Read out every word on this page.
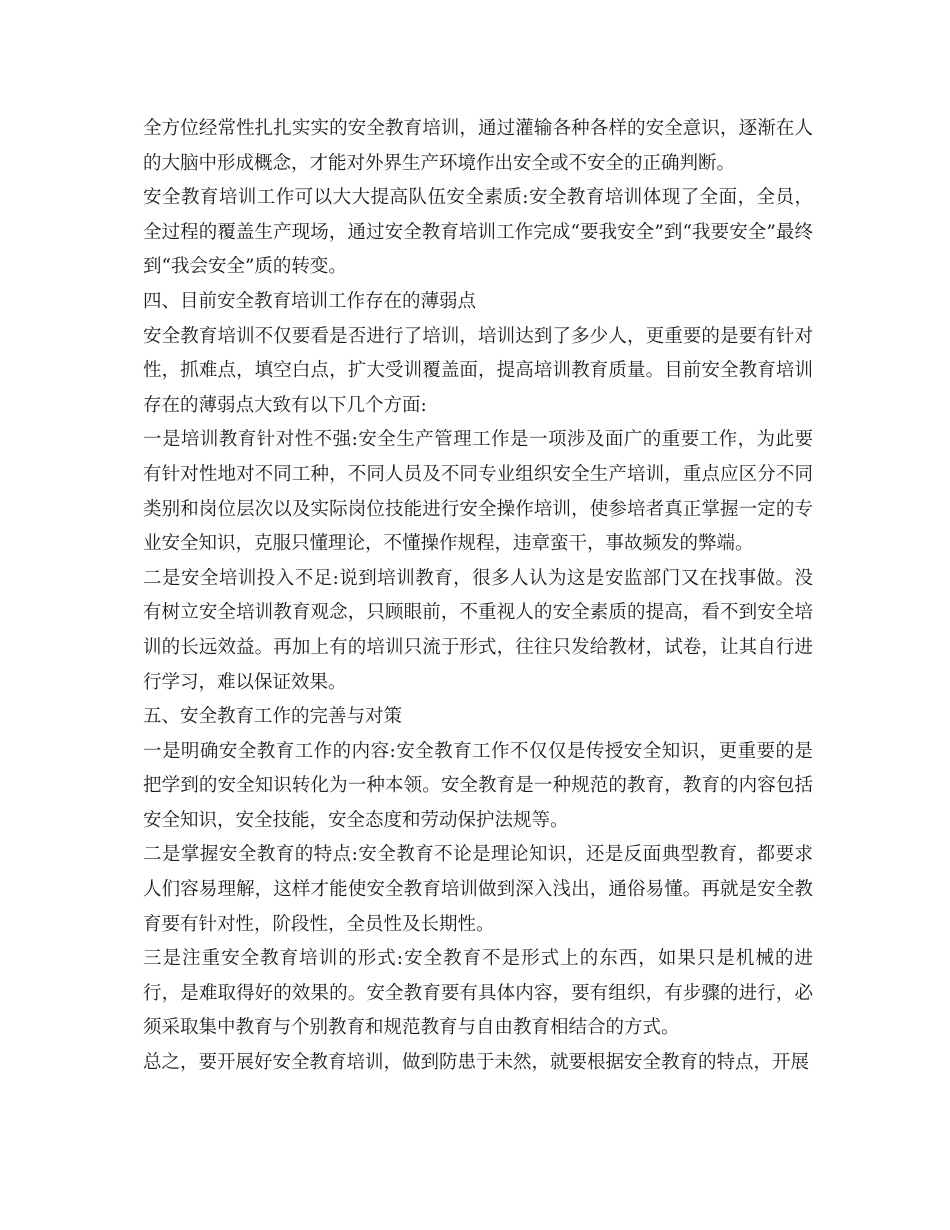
全方位经常性扎扎实实的安全教育培训，通过灌输各种各样的安全意识，逐渐在人的大脑中形成概念，才能对外界生产环境作出安全或不安全的正确判断。

安全教育培训工作可以大大提高队伍安全素质:安全教育培训体现了全面，全员，全过程的覆盖生产现场，通过安全教育培训工作完成“要我安全”到“我要安全”最终到“我会安全”质的转变。

四、目前安全教育培训工作存在的薄弱点

安全教育培训不仅要看是否进行了培训，培训达到了多少人，更重要的是要有针对性，抓难点，填空白点，扩大受训覆盖面，提高培训教育质量。目前安全教育培训存在的薄弱点大致有以下几个方面:

一是培训教育针对性不强:安全生产管理工作是一项涉及面广的重要工作，为此要有针对性地对不同工种，不同人员及不同专业组织安全生产培训，重点应区分不同类别和岗位层次以及实际岗位技能进行安全操作培训，使参培者真正掌握一定的专业安全知识，克服只懂理论，不懂操作规程，违章蛮干，事故频发的弊端。

二是安全培训投入不足:说到培训教育，很多人认为这是安监部门又在找事做。没有树立安全培训教育观念，只顾眼前，不重视人的安全素质的提高，看不到安全培训的长远效益。再加上有的培训只流于形式，往往只发给教材，试卷，让其自行进行学习，难以保证效果。

五、安全教育工作的完善与对策

一是明确安全教育工作的内容:安全教育工作不仅仅是传授安全知识，更重要的是把学到的安全知识转化为一种本领。安全教育是一种规范的教育，教育的内容包括安全知识，安全技能，安全态度和劳动保护法规等。

二是掌握安全教育的特点:安全教育不论是理论知识，还是反面典型教育，都要求人们容易理解，这样才能使安全教育培训做到深入浅出，通俗易懂。再就是安全教育要有针对性，阶段性，全员性及长期性。

三是注重安全教育培训的形式:安全教育不是形式上的东西，如果只是机械的进行，是难取得好的效果的。安全教育要有具体内容，要有组织，有步骤的进行，必须采取集中教育与个别教育和规范教育与自由教育相结合的方式。

总之，要开展好安全教育培训，做到防患于未然，就要根据安全教育的特点，开展
